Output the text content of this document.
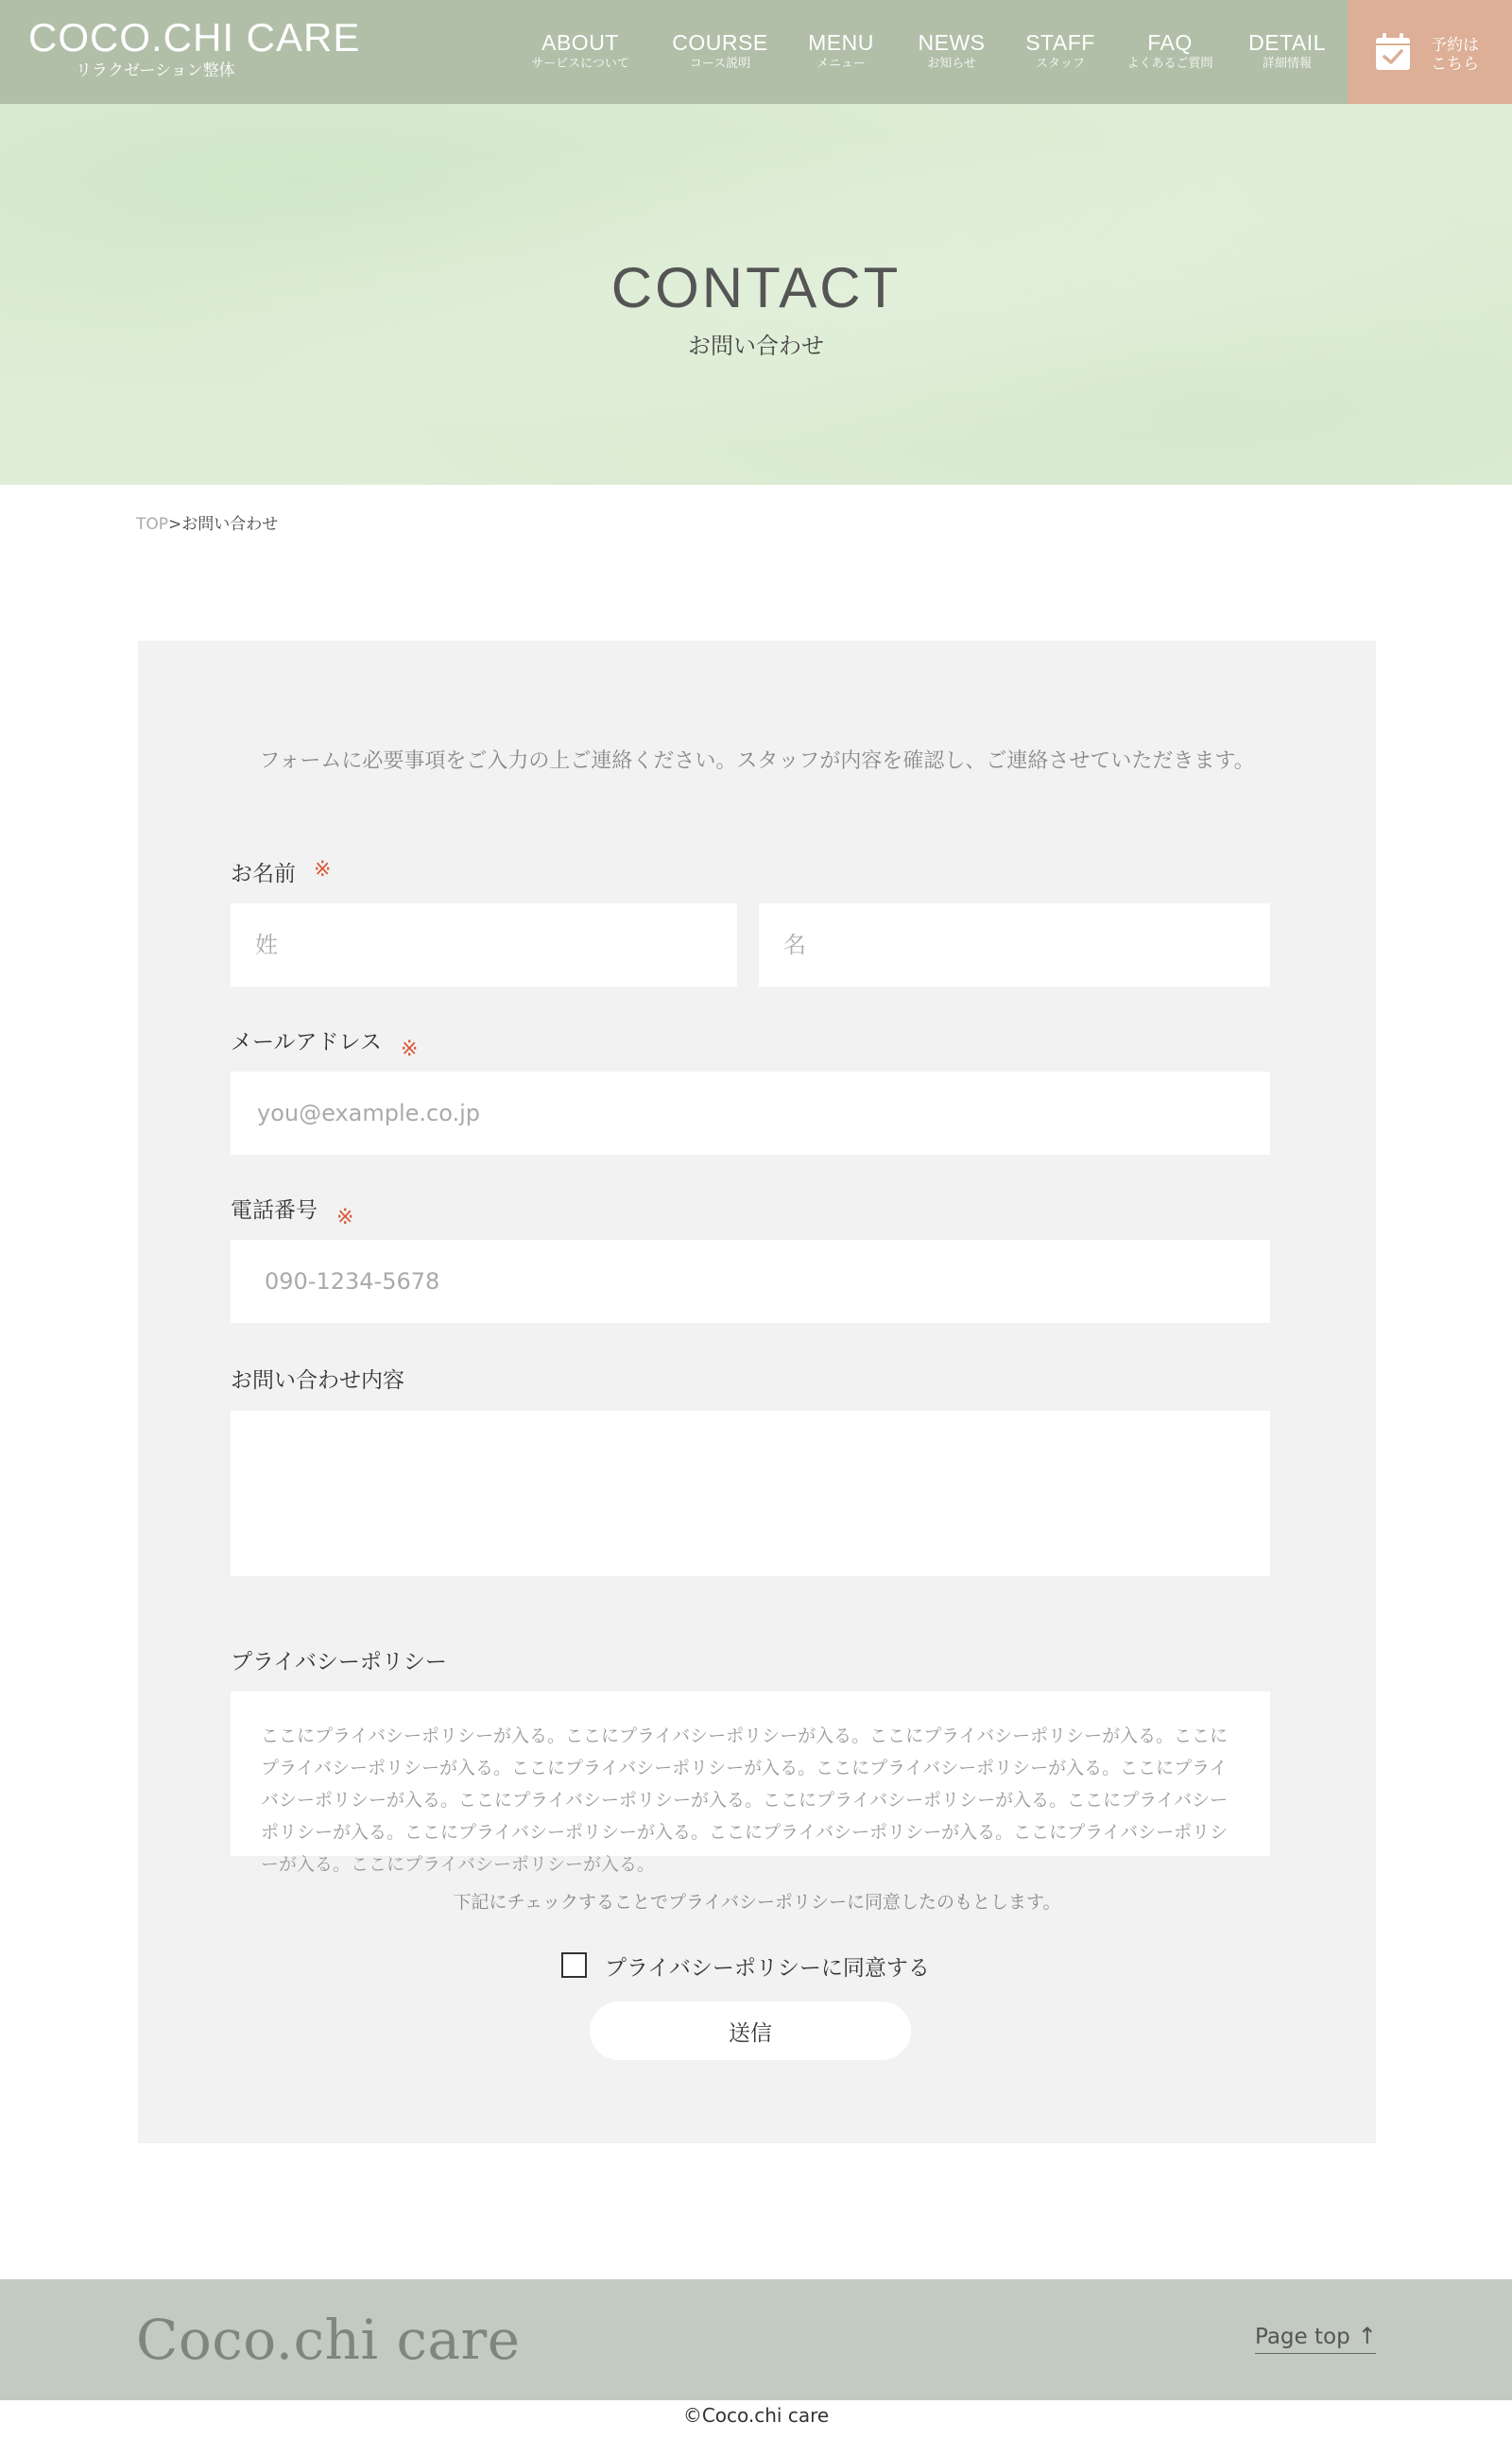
COCO.CHI CARE
リラクゼーション整体
ABOUT
サービスについて
COURSE
コース説明
MENU
メニュー
NEWS
お知らせ
STAFF
スタッフ
FAQ
よくあるご質問
DETAIL
詳細情報
予約は
こちら
CONTACT
お問い合わせ
TOP>お問い合わせ
フォームに必要事項をご入力の上ご連絡ください。スタッフが内容を確認し、ご連絡させていただきます。
お名前 ※
姓
名
メールアドレス ※
you@example.co.jp
電話番号 ※
090-1234-5678
お問い合わせ内容
プライバシーポリシー
ここにプライバシーポリシーが入る。ここにプライバシーポリシーが入る。ここにプライバシーポリシーが入る。ここにプライバシーポリシーが入る。ここにプライバシーポリシーが入る。ここにプライバシーポリシーが入る。ここにプライバシーポリシーが入る。ここにプライバシーポリシーが入る。ここにプライバシーポリシーが入る。ここにプライバシーポリシーが入る。ここにプライバシーポリシーが入る。ここにプライバシーポリシーが入る。ここにプライバシーポリシーが入る。ここにプライバシーポリシーが入る。
下記にチェックすることでプライバシーポリシーに同意したのもとします。
プライバシーポリシーに同意する
送信
Coco.chi care	Page top ↑
©Coco.chi care
